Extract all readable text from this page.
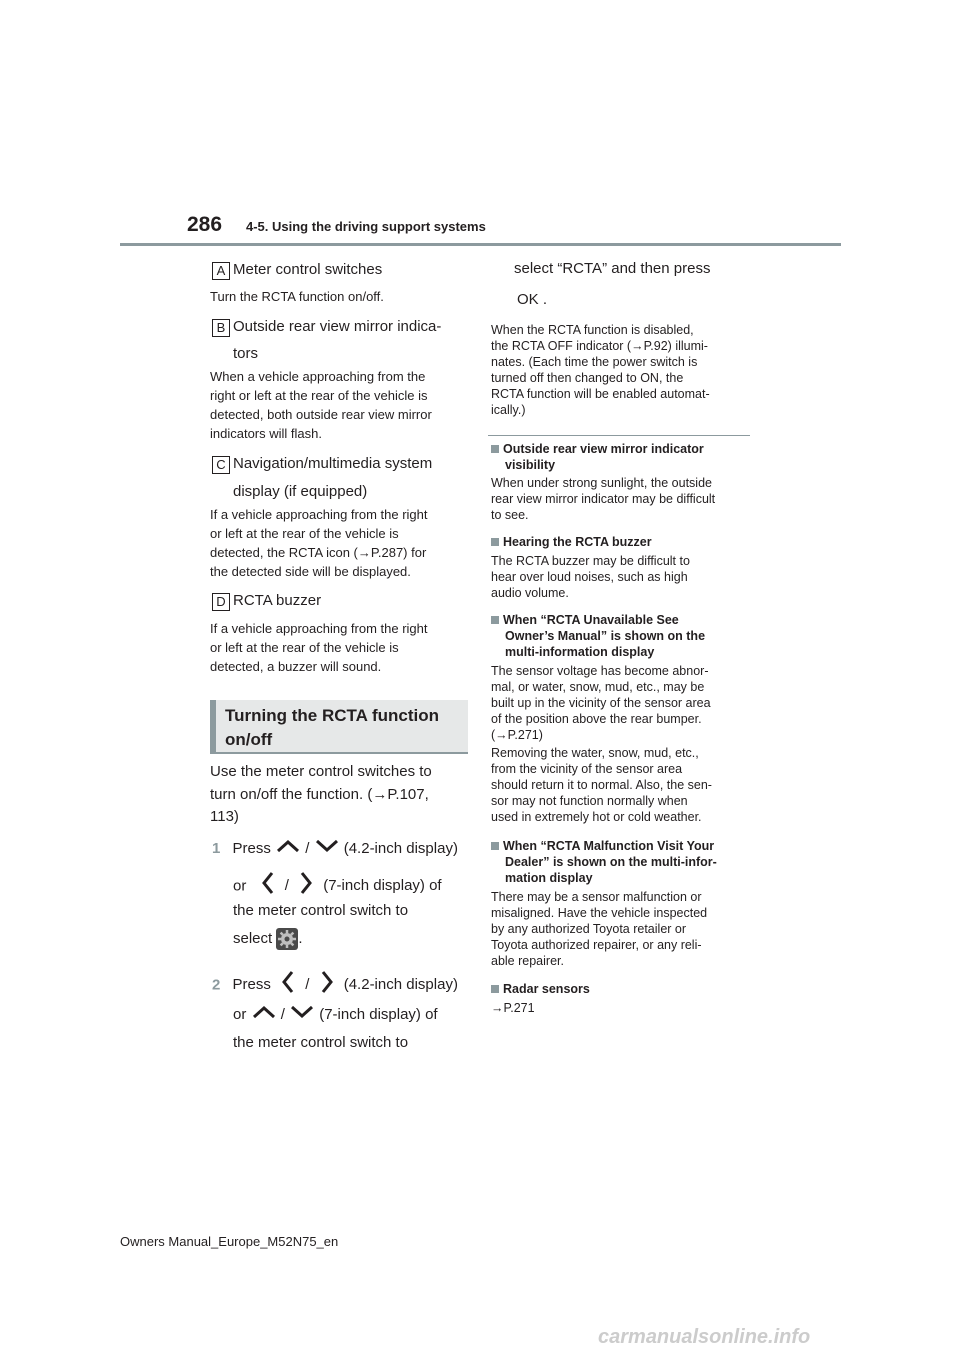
286 4-5. Using the driving support systems
A Meter control switches
Turn the RCTA function on/off.
B Outside rear view mirror indica-
tors
When a vehicle approaching from the
right or left at the rear of the vehicle is
detected, both outside rear view mirror
indicators will flash.
C Navigation/multimedia system
display (if equipped)
If a vehicle approaching from the right
or left at the rear of the vehicle is
detected, the RCTA icon (→P.287) for
the detected side will be displayed.
D RCTA buzzer
If a vehicle approaching from the right
or left at the rear of the vehicle is
detected, a buzzer will sound.
Turning the RCTA function
on/off
Use the meter control switches to
turn on/off the function. (→P.107,
113)
1 Press / (4.2-inch display)
or	/ (7-inch display) of
the meter control switch to
select .
2 Press / (4.2-inch display)
or / (7-inch display) of
the meter control switch to
select “RCTA” and then press
OK .
When the RCTA function is disabled,
the RCTA OFF indicator (→P.92) illumi-
nates. (Each time the power switch is
turned off then changed to ON, the
RCTA function will be enabled automat-
ically.)
Outside rear view mirror indicator
visibility
When under strong sunlight, the outside
rear view mirror indicator may be difficult
to see.
Hearing the RCTA buzzer
The RCTA buzzer may be difficult to
hear over loud noises, such as high
audio volume.
When “RCTA Unavailable See
Owner’s Manual” is shown on the
multi-information display
The sensor voltage has become abnor-
mal, or water, snow, mud, etc., may be
built up in the vicinity of the sensor area
of the position above the rear bumper.
(→P.271)
Removing the water, snow, mud, etc.,
from the vicinity of the sensor area
should return it to normal. Also, the sen-
sor may not function normally when
used in extremely hot or cold weather.
When “RCTA Malfunction Visit Your
Dealer” is shown on the multi-infor-
mation display
There may be a sensor malfunction or
misaligned. Have the vehicle inspected
by any authorized Toyota retailer or
Toyota authorized repairer, or any reli-
able repairer.
Radar sensors
→P.271
Owners Manual_Europe_M52N75_en
carmanualsonline.info
